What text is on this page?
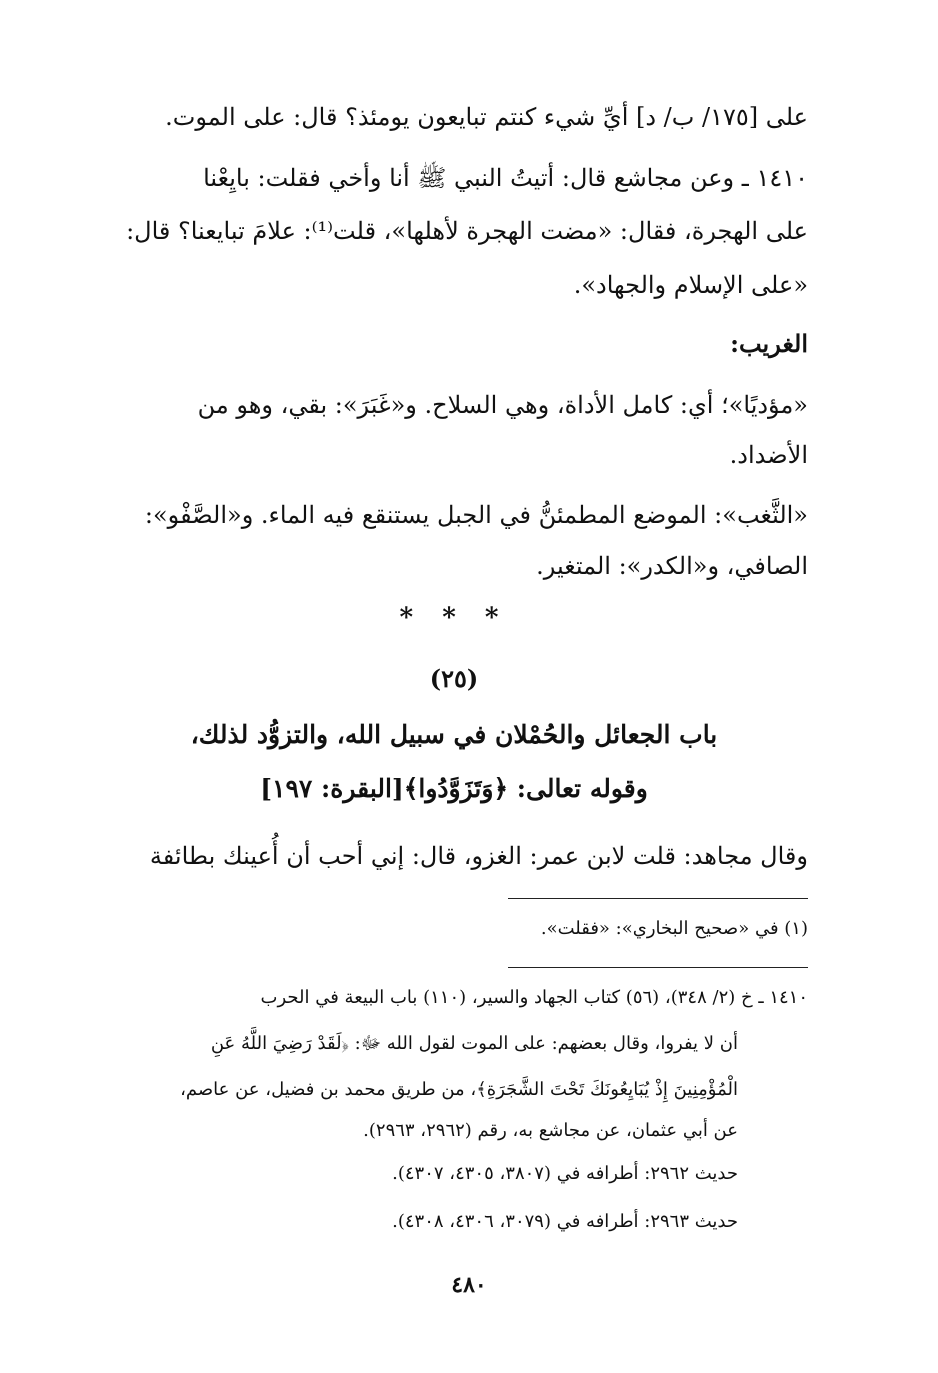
على [١٧٥/ ب/ د] أيِّ شيء كنتم تبايعون يومئذ؟ قال: على الموت.
١٤١٠ ـ وعن مجاشع قال: أتيتُ النبي ﷺ أنا وأخي فقلت: بايِعْنا
على الهجرة، فقال: «مضت الهجرة لأهلها»، قلت⁽¹⁾: علامَ تبايعنا؟ قال:
«على الإسلام والجهاد».
الغريب:
«مؤديًا»؛ أي: كامل الأداة، وهي السلاح. و«غَبَرَ»: بقي، وهو من
الأضداد.
«الثَّغب»: الموضع المطمئنُّ في الجبل يستنقع فيه الماء. و«الصَّفْو»:
الصافي، و«الكدر»: المتغير.
* * *
(٢٥)
باب الجعائل والحُمْلان في سبيل الله، والتزوُّد لذلك،
وقوله تعالى: ﴿وَتَزَوَّدُوا﴾[البقرة: ١٩٧]
وقال مجاهد: قلت لابن عمر: الغزو، قال: إني أحب أن أُعينك بطائفة
(١) في «صحيح البخاري»: «فقلت».
١٤١٠ ـ خ (٢/ ٣٤٨)، (٥٦) كتاب الجهاد والسير، (١١٠) باب البيعة في الحرب
أن لا يفروا، وقال بعضهم: على الموت لقول الله ﷻ: ﴿لَقَدْ رَضِيَ اللَّهُ عَنِ
الْمُؤْمِنِينَ إِذْ يُبَايِعُونَكَ تَحْتَ الشَّجَرَةِ﴾، من طريق محمد بن فضيل، عن عاصم،
عن أبي عثمان، عن مجاشع به، رقم (٢٩٦٢، ٢٩٦٣).
حديث ٢٩٦٢: أطرافه في (٣٨٠٧، ٤٣٠٥، ٤٣٠٧).
حديث ٢٩٦٣: أطرافه في (٣٠٧٩، ٤٣٠٦، ٤٣٠٨).
٤٨٠
